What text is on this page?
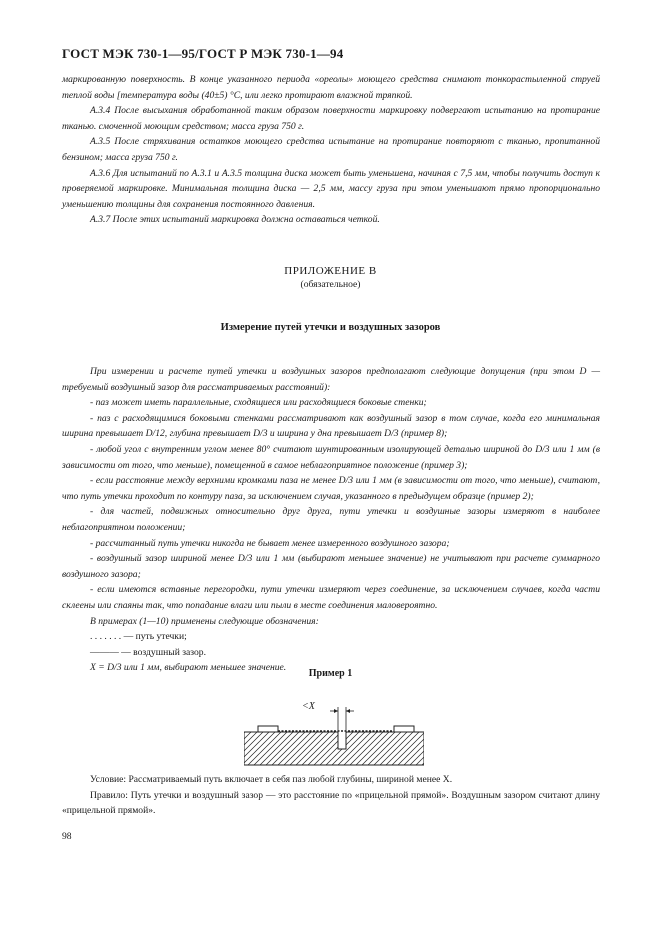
ГОСТ МЭК 730-1—95/ГОСТ Р МЭК 730-1—94

маркированную поверхность. В конце указанного периода «ореолы» моющего средства снимают тонкорастыленной струей теплой воды [температура воды (40±5) °С, или легко протирают влажной тряпкой.

А.3.4 После высыхания обработанной таким образом поверхности маркировку подвергают испытанию на протирание тканью. смоченной моющим средством; масса груза 750 г.

А.3.5 После стряхивания остатков моющего средства испытание на протирание повторяют с тканью, пропитанной бензином; масса груза 750 г.

А.3.6 Для испытаний по А.3.1 и А.3.5 толщина диска может быть уменьшена, начиная с 7,5 мм, чтобы получить доступ к проверяемой маркировке. Минимальная толщина диска — 2,5 мм, массу груза при этом уменьшают прямо пропорционально уменьшению толщины для сохранения постоянного давления.

А.3.7 После этих испытаний маркировка должна оставаться четкой.

ПРИЛОЖЕНИЕ В
(обязательное)
Измерение путей утечки и воздушных зазоров

При измерении и расчете путей утечки и воздушных зазоров предполагают следующие допущения (при этом D — требуемый воздушный зазор для рассматриваемых расстояний):

- паз может иметь параллельные, сходящиеся или расходящиеся боковые стенки;

- паз с расходящимися боковыми стенками рассматривают как воздушный зазор в том случае, когда его минимальная ширина превышает D/12, глубина превышает D/3 и ширина у дна превышает D/3 (пример 8);

- любой угол с внутренним углом менее 80° считают шунтированным изолирующей деталью шириной до D/3 или 1 мм (в зависимости от того, что меньше), помещенной в самое неблагоприятное положение (пример 3);

- если расстояние между верхними кромками паза не менее D/3 или 1 мм (в зависимости от того, что меньше), считают, что путь утечки проходит по контуру паза, за исключением случая, указанного в предыдущем образце (пример 2);

- для частей, подвижных относительно друг друга, пути утечки и воздушные зазоры измеряют в наиболее неблагоприятном положении;

- рассчитанный путь утечки никогда не бывает менее измеренного воздушного зазора;

- воздушный зазор шириной менее D/3 или 1 мм (выбирают меньшее значение) не учитывают при расчете суммарного воздушного зазора;

- если имеются вставные перегородки, пути утечки измеряют через соединение, за исключением случаев, когда части склеены или спаяны так, что попадание влаги или пыли в месте соединения маловероятно.

В примерах (1—10) применены следующие обозначения:

. . . . . . . — путь утечки;

——— — воздушный зазор.

X = D/3 или 1 мм, выбирают меньшее значение.

Пример 1
<X

Условие: Рассматриваемый путь включает в себя паз любой глубины, шириной менее X.

Правило: Путь утечки и воздушный зазор — это расстояние по «прицельной прямой». Воздушным зазором считают длину «прицельной прямой».

98
